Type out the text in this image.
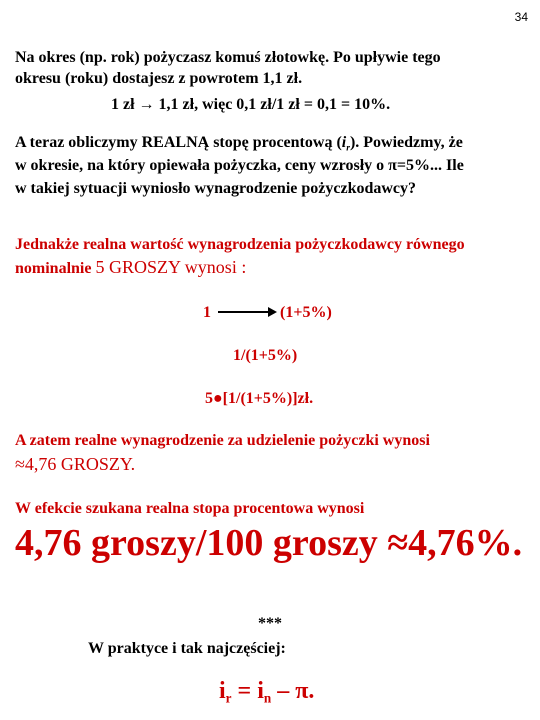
34
Na okres (np. rok) pożyczasz komuś złotowkę. Po upływie tego
okresu (roku) dostajesz z powrotem 1,1 zł.
1 zł → 1,1 zł, więc 0,1 zł/1 zł = 0,1 = 10%.
A teraz obliczymy REALNĄ stopę procentową $(i_r)$. Powiedzmy, że
w okresie, na który opiewała pożyczka, ceny wzrosły o π=5%... Ile
w takiej sytuacji wyniosło wynagrodzenie pożyczkodawcy?
Jednakże realna wartość wynagrodzenia pożyczkodawcy równego
nominalnie 5 GROSZY wynosi :
1	(1+5%)
1/(1+5%)
5●[1/(1+5%)]zł.
A zatem realne wynagrodzenie za udzielenie pożyczki wynosi
≈4,76 GROSZY.
W efekcie szukana realna stopa procentowa wynosi
4,76 groszy/100 groszy ≈4,76%.
***
W praktyce i tak najczęściej:
$i_r = i_n - \pi$.
